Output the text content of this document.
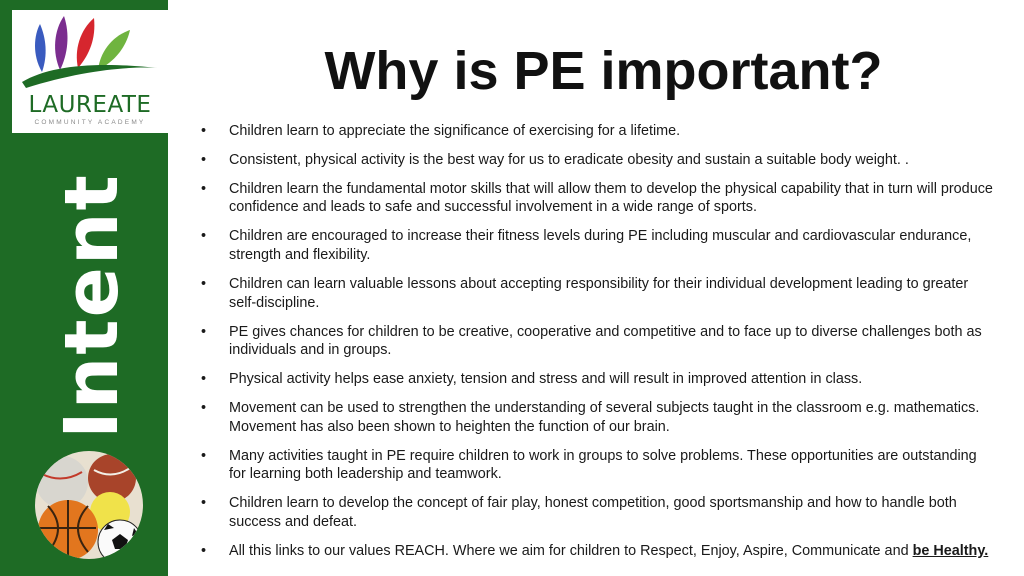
LAUREATE
COMMUNITY ACADEMY
Intent
Why is PE important?
• Children learn to appreciate the significance of exercising for a lifetime.
• Consistent, physical activity is the best way for us to eradicate obesity and sustain a suitable body weight. .
• Children learn the fundamental motor skills that will allow them to develop the physical capability that in turn will produce confidence and leads to safe and successful involvement in a wide range of sports.
• Children are encouraged to increase their fitness levels during PE including muscular and cardiovascular endurance, strength and flexibility.
• Children can learn valuable lessons about accepting responsibility for their individual development leading to greater self-discipline.
• PE gives chances for children to be creative, cooperative and competitive and to face up to diverse challenges both as individuals and in groups.
• Physical activity helps ease anxiety, tension and stress and will result in improved attention in class.
• Movement can be used to strengthen the understanding of several subjects taught in the classroom e.g. mathematics. Movement has also been shown to heighten the function of our brain.
• Many activities taught in PE require children to work in groups to solve problems. These opportunities are outstanding for learning both leadership and teamwork.
• Children learn to develop the concept of fair play, honest competition, good sportsmanship and how to handle both success and defeat.
• All this links to our values REACH. Where we aim for children to Respect, Enjoy, Aspire, Communicate and be Healthy.
